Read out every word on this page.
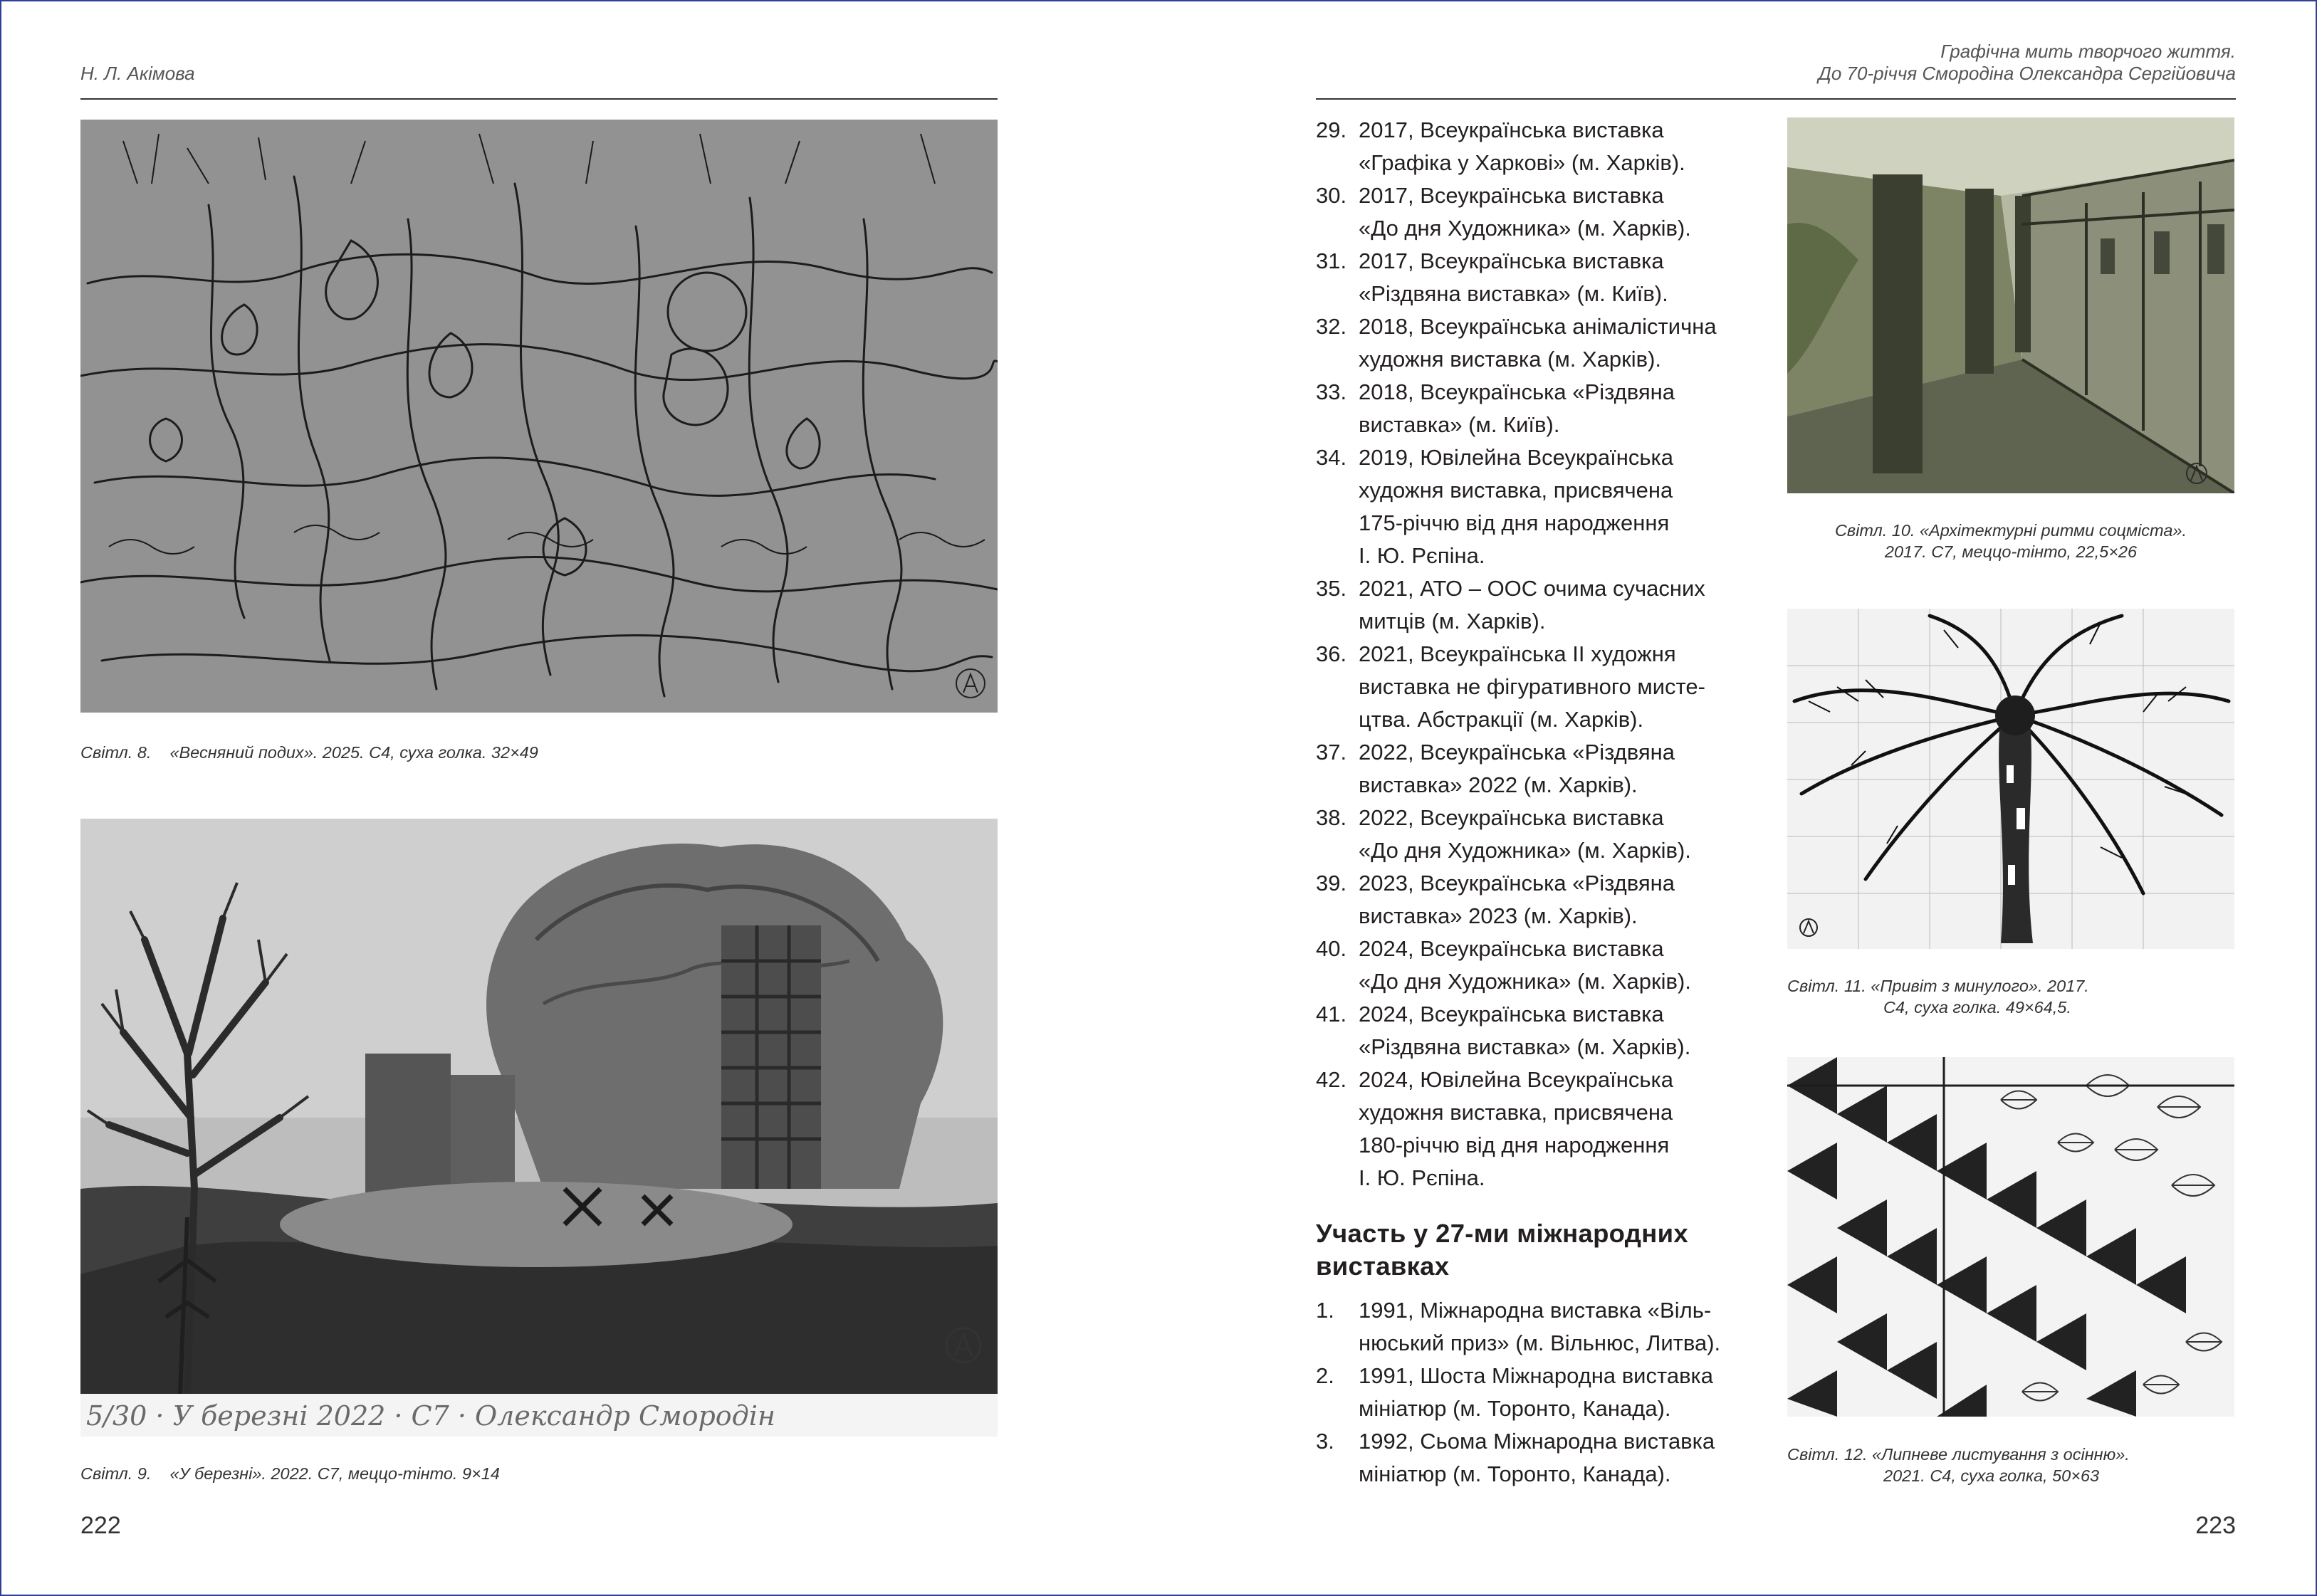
Н. Л. Акімова
Світл. 8. «Весняний подих». 2025. С4, суха голка. 32×49
5/30 · У березні 2022 · С7 · Олександр Смородін
Світл. 9. «У березні». 2022. С7, меццо-тінто. 9×14
222
Графічна мить творчого життя.
До 70-річчя Смородіна Олександра Сергійовича
29. 2017, Всеукраїнська виставка
«Графіка у Харкові» (м. Харків).
30. 2017, Всеукраїнська виставка
«До дня Художника» (м. Харків).
31. 2017, Всеукраїнська виставка
«Різдвяна виставка» (м. Київ).
32. 2018, Всеукраїнська анімалістична
художня виставка (м. Харків).
33. 2018, Всеукраїнська «Різдвяна
виставка» (м. Київ).
34. 2019, Ювілейна Всеукраїнська
художня виставка, присвячена
175-річчю від дня народження
І. Ю. Рєпіна.
35. 2021, АТО – ООС очима сучасних
митців (м. Харків).
36. 2021, Всеукраїнська ІІ художня
виставка не фігуративного мисте-
цтва. Абстракції (м. Харків).
37. 2022, Всеукраїнська «Різдвяна
виставка» 2022 (м. Харків).
38. 2022, Всеукраїнська виставка
«До дня Художника» (м. Харків).
39. 2023, Всеукраїнська «Різдвяна
виставка» 2023 (м. Харків).
40. 2024, Всеукраїнська виставка
«До дня Художника» (м. Харків).
41. 2024, Всеукраїнська виставка
«Різдвяна виставка» (м. Харків).
42. 2024, Ювілейна Всеукраїнська
художня виставка, присвячена
180-річчю від дня народження
І. Ю. Рєпіна.
Участь у 27-ми міжнародних
виставках
1. 1991, Міжнародна виставка «Віль-
нюський приз» (м. Вільнюс, Литва).
2. 1991, Шоста Міжнародна виставка
мініатюр (м. Торонто, Канада).
3. 1992, Сьома Міжнародна виставка
мініатюр (м. Торонто, Канада).
Світл. 10. «Архітектурні ритми соцміста».
2017. С7, меццо-тінто, 22,5×26
Світл. 11. «Привіт з минулого». 2017.
С4, суха голка. 49×64,5.
Світл. 12. «Липневе листування з осінню».
2021. С4, суха голка, 50×63
223
